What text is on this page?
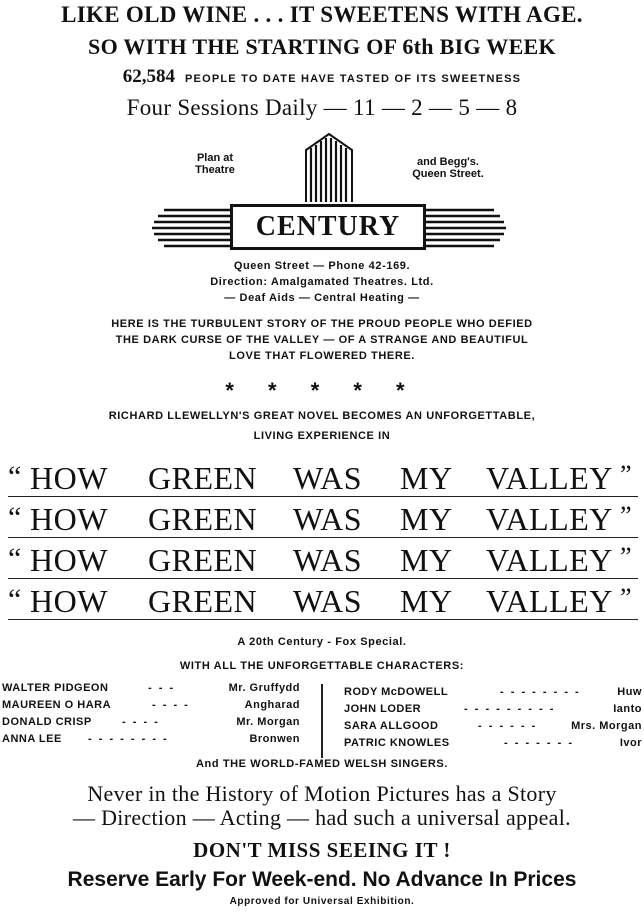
LIKE OLD WINE . . . IT SWEETENS WITH AGE.
SO WITH THE STARTING OF 6th BIG WEEK
62,584 PEOPLE TO DATE HAVE TASTED OF ITS SWEETNESS
Four Sessions Daily — 11 — 2 — 5 — 8
Plan at
Theatre
and Begg's.
Queen Street.
CENTURY
Queen Street — Phone 42-169.
Direction: Amalgamated Theatres. Ltd.
— Deaf Aids — Central Heating —
HERE IS THE TURBULENT STORY OF THE PROUD PEOPLE WHO DEFIED
THE DARK CURSE OF THE VALLEY — OF A STRANGE AND BEAUTIFUL
LOVE THAT FLOWERED THERE.
* * * * *
RICHARD LLEWELLYN'S GREAT NOVEL BECOMES AN UNFORGETTABLE,
LIVING EXPERIENCE IN
“ HOW GREEN WAS MY VALLEY ”
“ HOW GREEN WAS MY VALLEY ”
“ HOW GREEN WAS MY VALLEY ”
“ HOW GREEN WAS MY VALLEY ”
A 20th Century - Fox Special.
WITH ALL THE UNFORGETTABLE CHARACTERS:
WALTER PIDGEON	- - -	Mr. Gruffydd
MAUREEN O HARA	- - - -	Angharad
DONALD CRISP	- - - -	Mr. Morgan
ANNA LEE - - - - - - - -	Bronwen
RODY McDOWELL	- - - - - - - -	Huw
JOHN LODER	- - - - - - - - -	Ianto
SARA ALLGOOD	- - - - - -	Mrs. Morgan
PATRIC KNOWLES	- - - - - - -	Ivor
And THE WORLD-FAMED WELSH SINGERS.
Never in the History of Motion Pictures has a Story
— Direction — Acting — had such a universal appeal.
DON'T MISS SEEING IT !
Reserve Early For Week-end. No Advance In Prices
Approved for Universal Exhibition.
